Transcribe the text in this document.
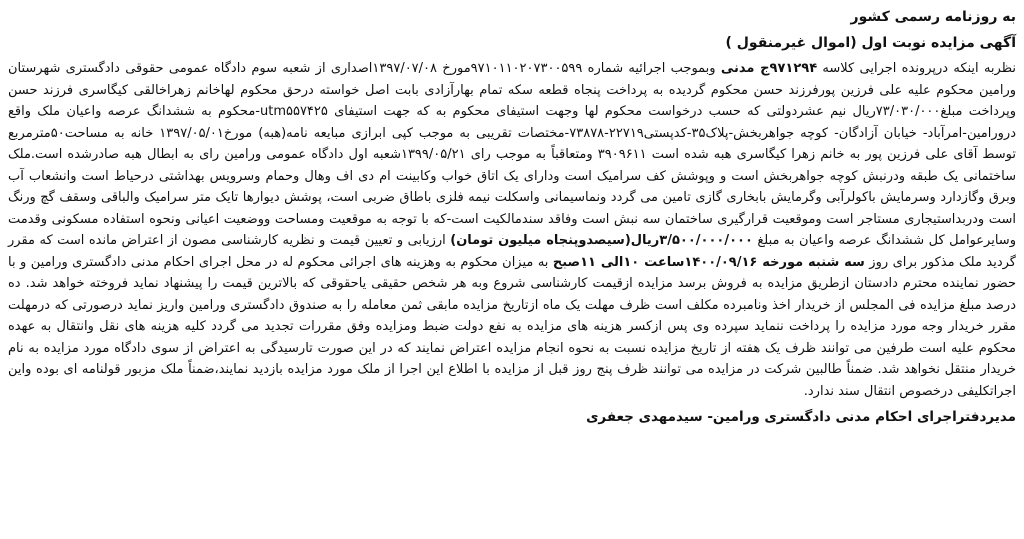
به روزنامه رسمی کشور

آگهی مزایده نوبت اول (اموال غیرمنقول )

نظربه اینکه درپرونده اجرایی کلاسه ۹۷۱۲۹۴ج مدنی وبموجب اجرائیه شماره ۹۷۱۰۱۱۰۲۰۷۳۰۰۵۹۹مورخ ۱۳۹۷/۰۷/۰۸اصداری از شعبه سوم دادگاه عمومی حقوقی دادگستری شهرستان ورامین محکوم علیه علی فرزین پورفرزند حسن محکوم گردیده به پرداخت پنجاه قطعه سکه تمام بهارآزادی بابت اصل خواسته درحق محکوم لهاخانم زهراخالقی کیگاسری فرزند حسن وپرداخت مبلغ۷۳/۰۳۰/۰۰۰ریال نیم عشردولتی که حسب درخواست محکوم لها وجهت استیفای محکوم به که جهت استیفای utm۵۵۷۴۲۵-محکوم به ششدانگ عرصه واعیان ملک واقع درورامین-امرآباد- خیابان آزادگان- کوچه جواهربخش-پلاک۳۵-کدپستی۲۲۷۱۹-۷۳۸۷۸-مختصات تقریبی به موجب کپی ابرازی مبایعه نامه(هبه) مورخ۱۳۹۷/۰۵/۰۱ خانه به مساحت۵۰مترمربع توسط آقای علی فرزین پور به خانم زهرا کیگاسری هبه شده است ۳۹۰۹۶۱۱ ومتعاقباً به موجب رای ۱۳۹۹/۰۵/۲۱شعبه اول دادگاه عمومی ورامین رای به ابطال هبه صادرشده است.ملک ساختمانی یک طبقه ودرنبش کوچه جواهربخش است و وپوشش کف سرامیک است ودارای یک اتاق خواب وکابینت ام دی اف وهال وحمام وسرویس بهداشتی درحیاط است وانشعاب آب وبرق وگازدارد وسرمایش باکولرآبی وگرمایش بابخاری گازی تامین می گردد ونماسیمانی واسکلت نیمه فلزی باطاق ضربی است، پوشش دیوارها تایک متر سرامیک والباقی وسقف گچ ورنگ است ودربداستیجاری مستاجر است وموقعیت قرارگیری ساختمان سه نبش است وفاقد سندمالکیت است-که با توجه به موقعیت ومساحت ووضعیت اعیانی ونحوه استفاده مسکونی وقدمت وسایرعوامل کل ششدانگ عرصه واعیان به مبلغ ۳/۵۰۰/۰۰۰/۰۰۰ریال(سیصدوپنجاه میلیون تومان) ارزیابی و تعیین قیمت و نظریه کارشناسی مصون از اعتراض مانده است که مقرر گردید ملک مذکور برای روز سه شنبه مورخه ۱۴۰۰/۰۹/۱۶ساعت ۱۰الی ۱۱صبح به میزان محکوم به وهزینه های اجرائی محکوم له در محل اجرای احکام مدنی دادگستری ورامین و با حضور نماینده محترم دادستان ازطریق مزایده به فروش برسد مزایده ازقیمت کارشناسی شروع وبه هر شخص حقیقی یاحقوقی که بالاترین قیمت را پیشنهاد نماید فروخته خواهد شد. ده درصد مبلغ مزایده فی المجلس از خریدار اخذ ونامبرده مکلف است ظرف مهلت یک ماه ازتاریخ مزایده مابقی ثمن معامله را به صندوق دادگستری ورامین واریز نماید درصورتی که درمهلت مقرر خریدار وجه مورد مزایده را پرداخت ننماید سپرده وی پس ازکسر هزینه های مزایده به نفع دولت ضبط ومزایده وفق مقررات تجدید می گردد کلیه هزینه های نقل وانتقال به عهده محکوم علیه است طرفین می توانند ظرف یک هفته از تاریخ مزایده نسبت به نحوه انجام مزایده اعتراض نمایند که در این صورت تارسیدگی به اعتراض از سوی دادگاه مورد مزایده به نام خریدار منتقل نخواهد شد. ضمناً طالبین شرکت در مزایده می توانند ظرف پنج روز قبل از مزایده با اطلاع این اجرا از ملک مورد مزایده بازدید نمایند،ضمناً ملک مزبور قولنامه ای بوده واین اجراتکلیفی درخصوص انتقال سند ندارد.

مدیردفتراجرای احکام مدنی دادگستری ورامین- سیدمهدی جعفری
